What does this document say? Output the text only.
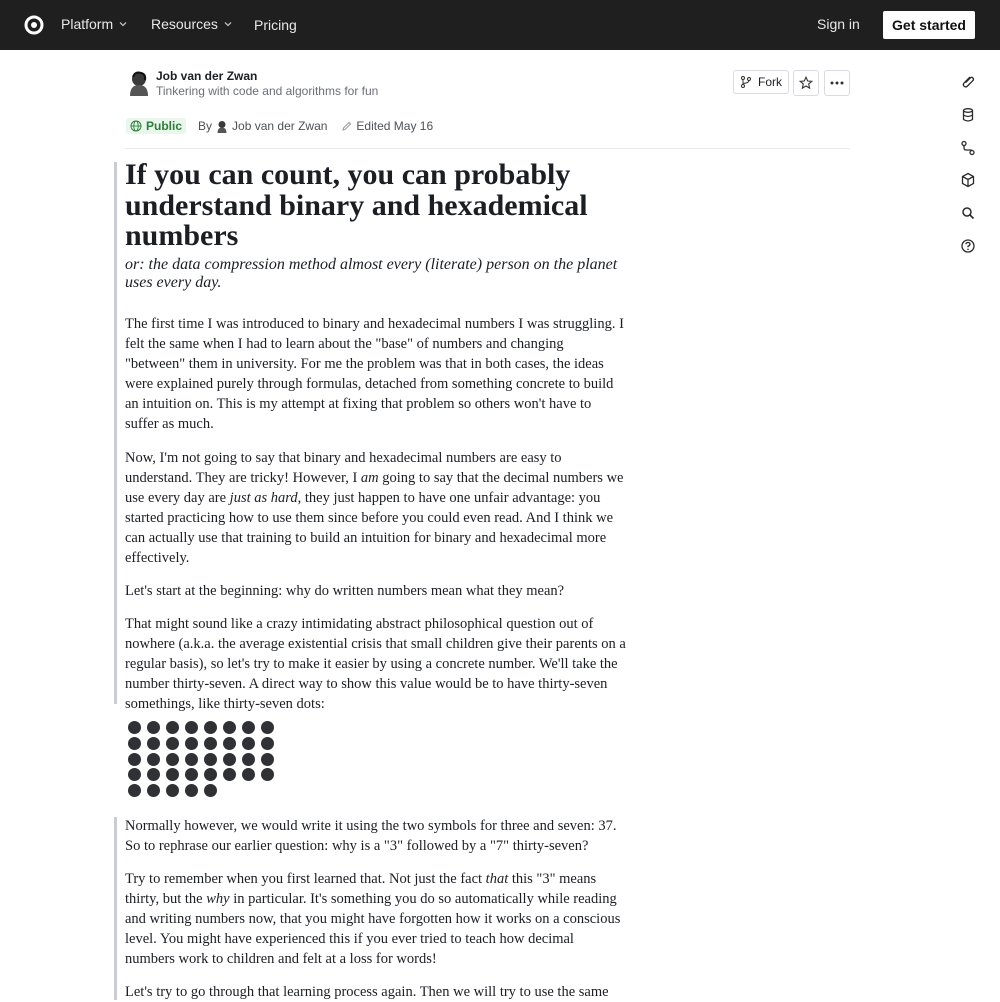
Platform	Resources	Pricing	Sign in	Get started
Job van der Zwan
Tinkering with code and algorithms for fun
Fork
Public By Job van der Zwan Edited May 16
If you can count, you can probably understand binary and hexademical numbers

or: the data compression method almost every (literate) person on the planet uses every day.

The first time I was introduced to binary and hexadecimal numbers I was struggling. I felt the same when I had to learn about the "base" of numbers and changing "between" them in university. For me the problem was that in both cases, the ideas were explained purely through formulas, detached from something concrete to build an intuition on. This is my attempt at fixing that problem so others won't have to suffer as much.

Now, I'm not going to say that binary and hexadecimal numbers are easy to understand. They are tricky! However, I am going to say that the decimal numbers we use every day are just as hard, they just happen to have one unfair advantage: you started practicing how to use them since before you could even read. And I think we can actually use that training to build an intuition for binary and hexadecimal more effectively.

Let's start at the beginning: why do written numbers mean what they mean?

That might sound like a crazy intimidating abstract philosophical question out of nowhere (a.k.a. the average existential crisis that small children give their parents on a regular basis), so let's try to make it easier by using a concrete number. We'll take the number thirty-seven. A direct way to show this value would be to have thirty-seven somethings, like thirty-seven dots:

Normally however, we would write it using the two symbols for three and seven: 37. So to rephrase our earlier question: why is a "3" followed by a "7" thirty-seven?

Try to remember when you first learned that. Not just the fact that this "3" means thirty, but the why in particular. It's something you do so automatically while reading and writing numbers now, that you might have forgotten how it works on a conscious level. You might have experienced this if you ever tried to teach how decimal numbers work to children and felt at a loss for words!

Let's try to go through that learning process again. Then we will try to use the same
